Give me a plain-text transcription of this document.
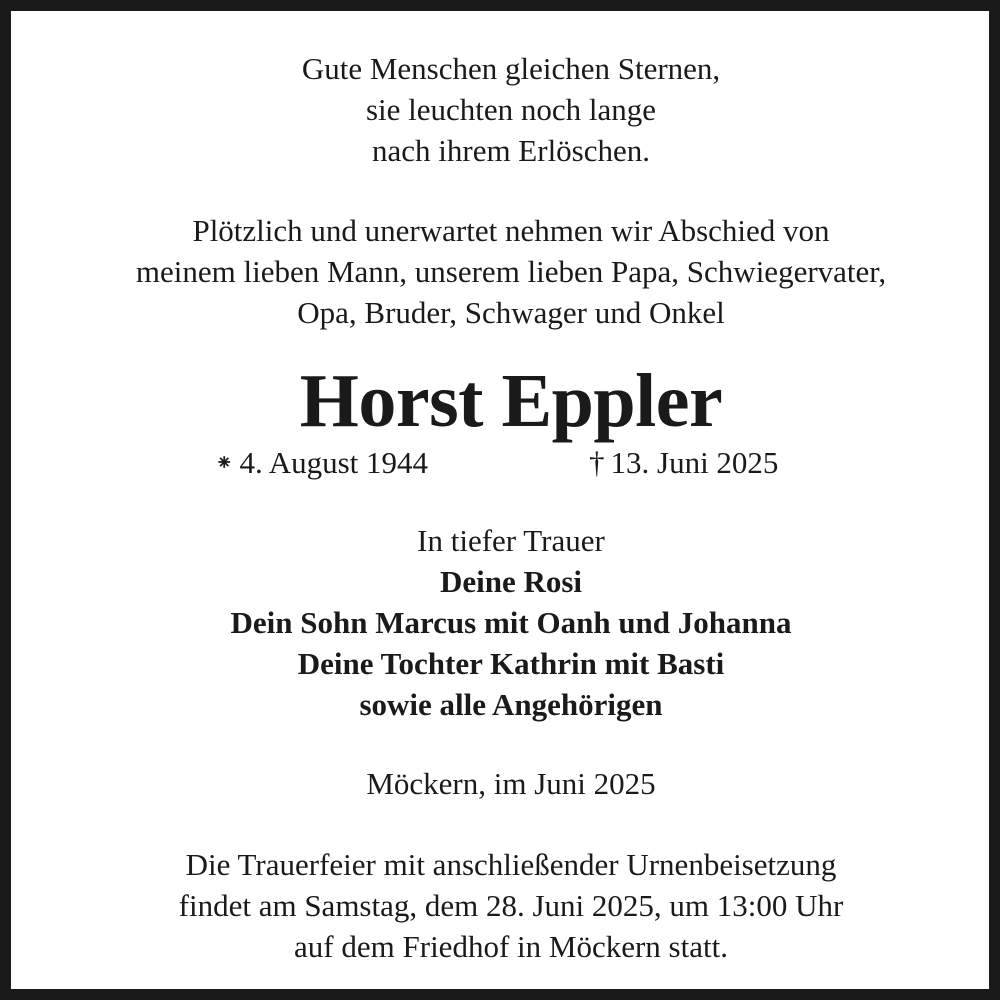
Gute Menschen gleichen Sternen,
sie leuchten noch lange
nach ihrem Erlöschen.
Plötzlich und unerwartet nehmen wir Abschied von
meinem lieben Mann, unserem lieben Papa, Schwiegervater,
Opa, Bruder, Schwager und Onkel
Horst Eppler
⁕ 4. August 1944	† 13. Juni 2025
In tiefer Trauer
Deine Rosi
Dein Sohn Marcus mit Oanh und Johanna
Deine Tochter Kathrin mit Basti
sowie alle Angehörigen
Möckern, im Juni 2025
Die Trauerfeier mit anschließender Urnenbeisetzung
findet am Samstag, dem 28. Juni 2025, um 13:00 Uhr
auf dem Friedhof in Möckern statt.
